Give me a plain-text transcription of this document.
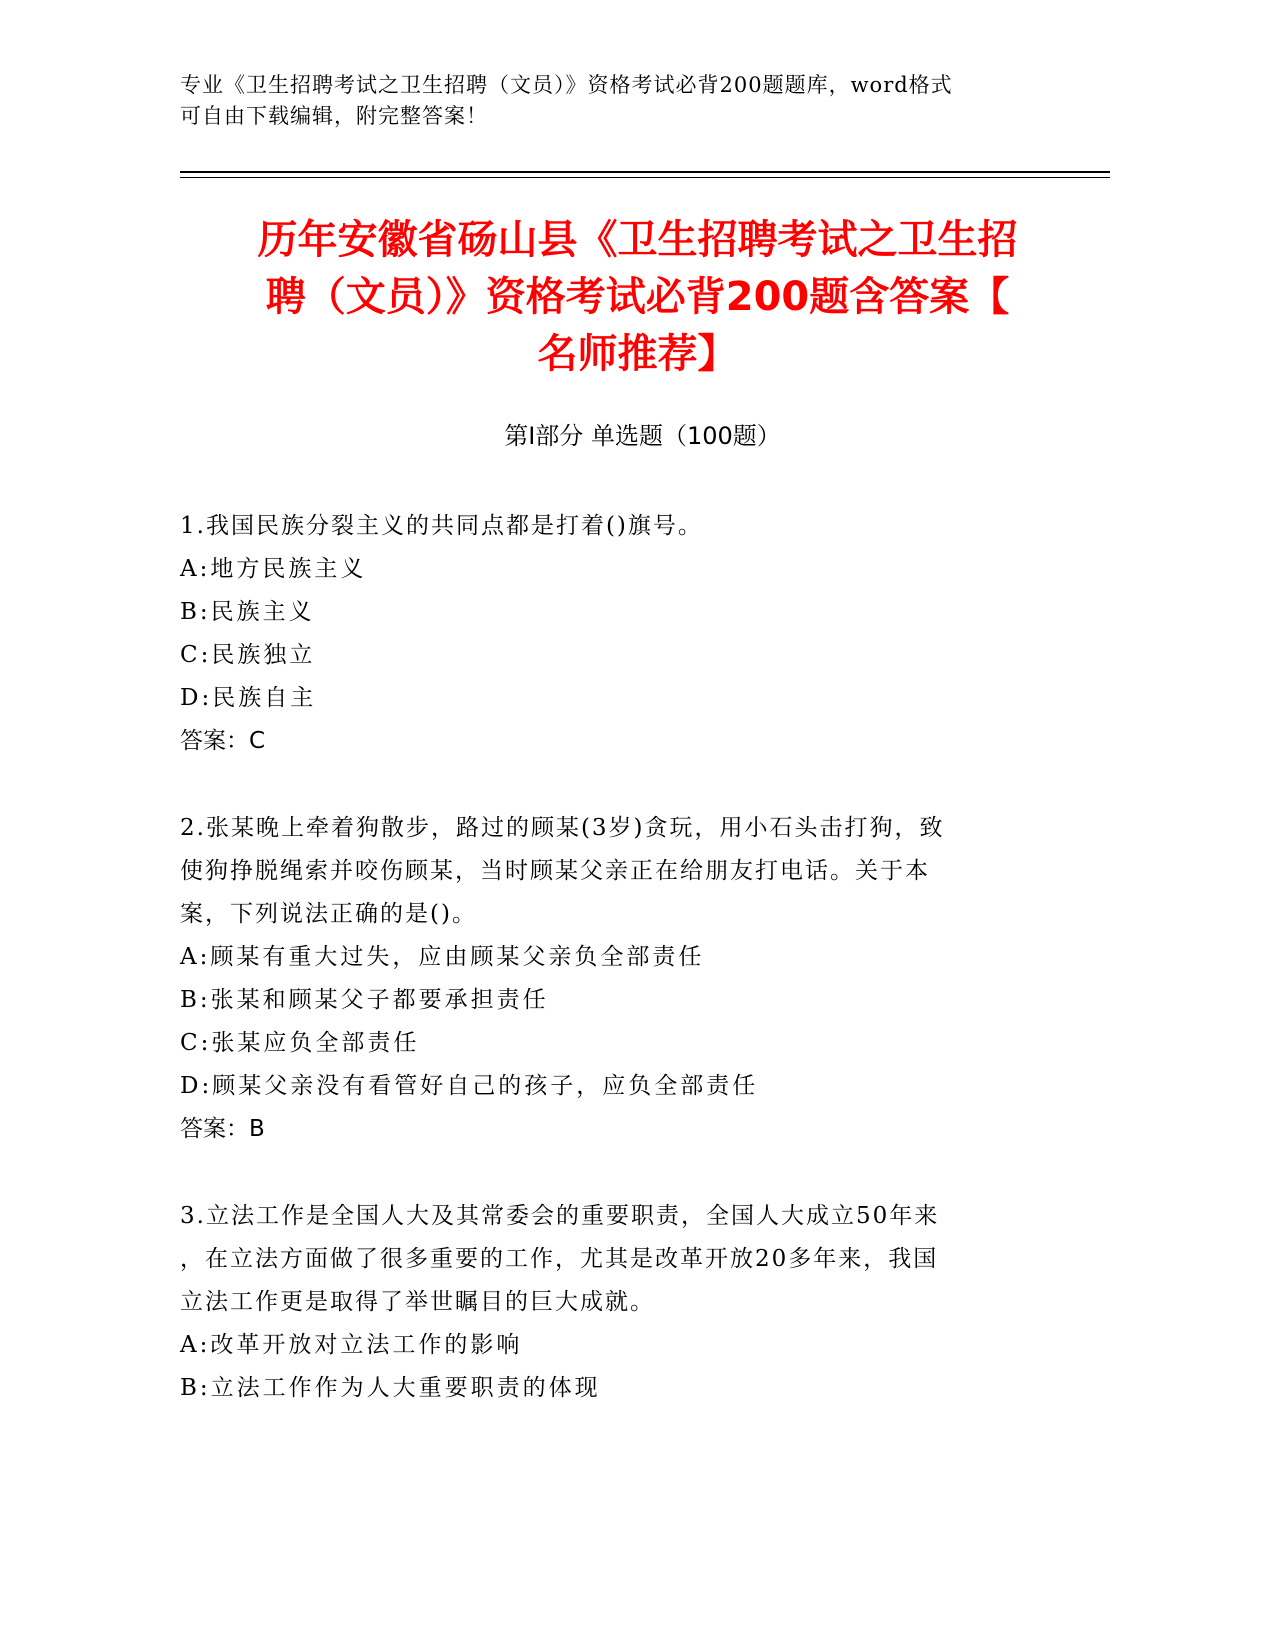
专业《卫生招聘考试之卫生招聘（文员）》资格考试必背200题题库，word格式
可自由下载编辑，附完整答案！
历年安徽省砀山县《卫生招聘考试之卫生招
聘（文员）》资格考试必背200题含答案【
名师推荐】
第Ⅰ部分 单选题（100题）
1.我国民族分裂主义的共同点都是打着()旗号。
A:地方民族主义
B:民族主义
C:民族独立
D:民族自主
答案：C
2.张某晚上牵着狗散步，路过的顾某(3岁)贪玩，用小石头击打狗，致
使狗挣脱绳索并咬伤顾某，当时顾某父亲正在给朋友打电话。关于本
案，下列说法正确的是()。
A:顾某有重大过失，应由顾某父亲负全部责任
B:张某和顾某父子都要承担责任
C:张某应负全部责任
D:顾某父亲没有看管好自己的孩子，应负全部责任
答案：B
3.立法工作是全国人大及其常委会的重要职责，全国人大成立50年来
，在立法方面做了很多重要的工作，尤其是改革开放20多年来，我国
立法工作更是取得了举世瞩目的巨大成就。
A:改革开放对立法工作的影响
B:立法工作作为人大重要职责的体现
